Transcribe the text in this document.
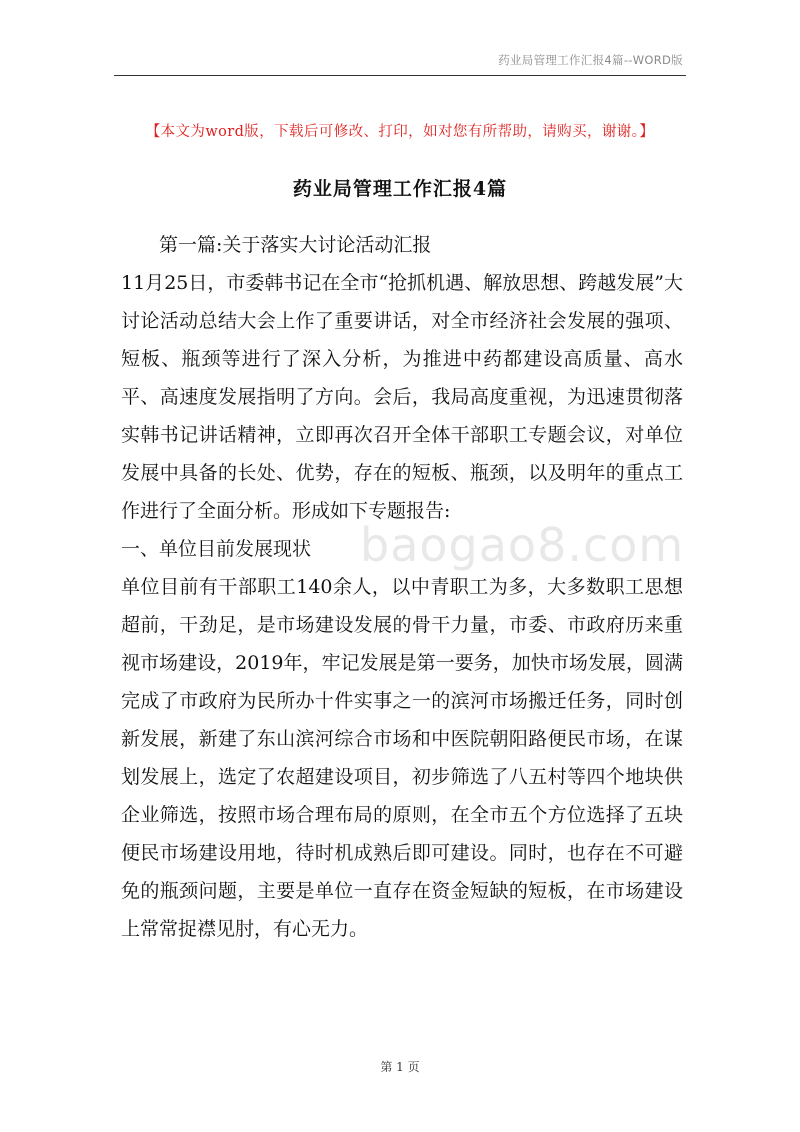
药业局管理工作汇报4篇--WORD版
【本文为word版，下载后可修改、打印，如对您有所帮助，请购买，谢谢。】
药业局管理工作汇报4篇

第一篇:关于落实大讨论活动汇报

11月25日，市委韩书记在全市“抢抓机遇、解放思想、跨越发展”大讨论活动总结大会上作了重要讲话，对全市经济社会发展的强项、短板、瓶颈等进行了深入分析，为推进中药都建设高质量、高水平、高速度发展指明了方向。会后，我局高度重视，为迅速贯彻落实韩书记讲话精神，立即再次召开全体干部职工专题会议，对单位发展中具备的长处、优势，存在的短板、瓶颈，以及明年的重点工作进行了全面分析。形成如下专题报告:

一、单位目前发展现状

单位目前有干部职工140余人，以中青职工为多，大多数职工思想超前，干劲足，是市场建设发展的骨干力量，市委、市政府历来重视市场建设，2019年，牢记发展是第一要务，加快市场发展，圆满完成了市政府为民所办十件实事之一的滨河市场搬迁任务，同时创新发展，新建了东山滨河综合市场和中医院朝阳路便民市场，在谋划发展上，选定了农超建设项目，初步筛选了八五村等四个地块供企业筛选，按照市场合理布局的原则，在全市五个方位选择了五块便民市场建设用地，待时机成熟后即可建设。同时，也存在不可避免的瓶颈问题，主要是单位一直存在资金短缺的短板，在市场建设上常常捉襟见肘，有心无力。

baogao8.com
第 1 页
